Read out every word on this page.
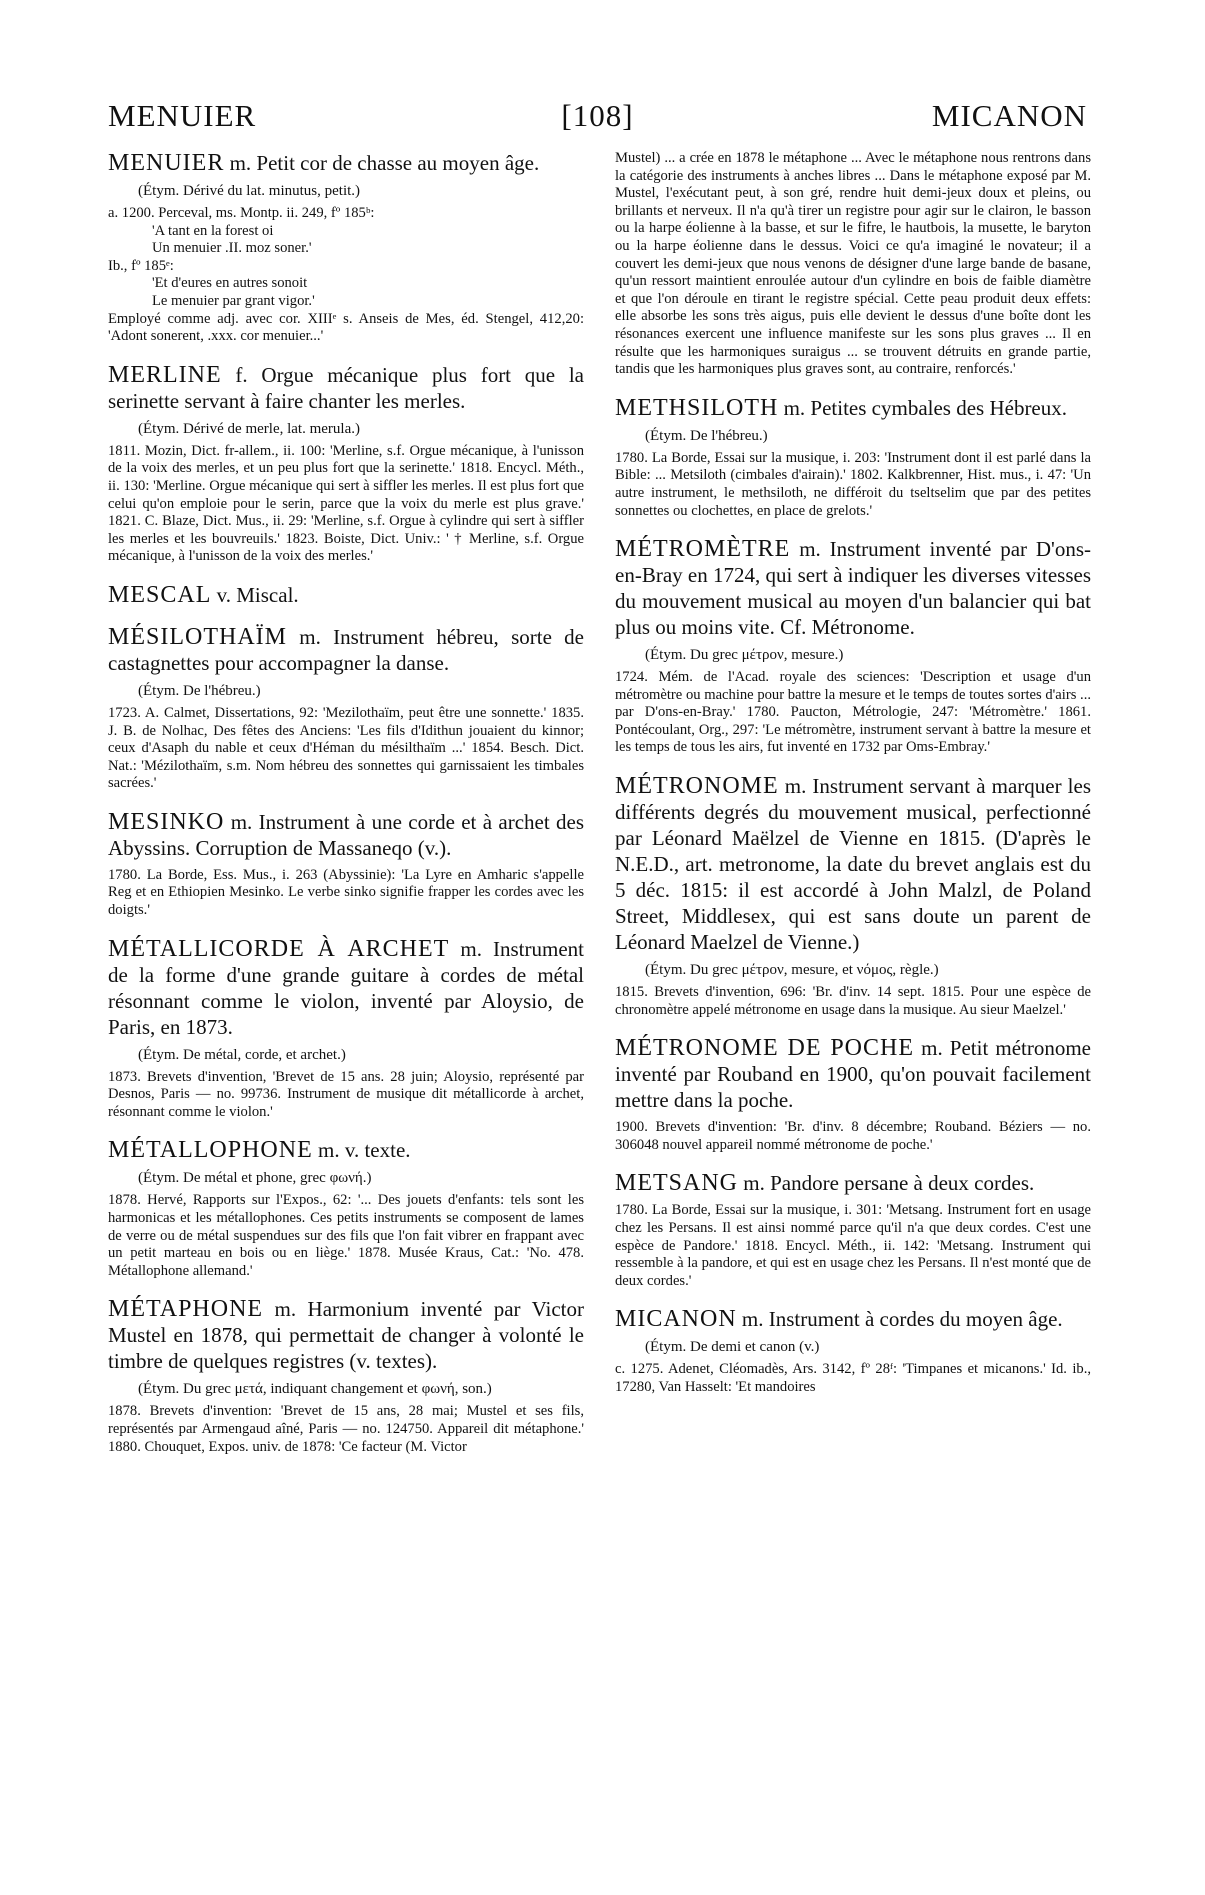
MENUIER	[108]	MICANON

MENUIER m. Petit cor de chasse au moyen âge.

(Étym. Dérivé du lat. minutus, petit.)

a. 1200. Perceval, ms. Montp. ii. 249, fº 185ᵇ:

'A tant en la forest oi

Un menuier .II. moz soner.'

Ib., fº 185ᵉ:

'Et d'eures en autres sonoit

Le menuier par grant vigor.'

Employé comme adj. avec cor. XIIIᵉ s. Anseis de Mes, éd. Stengel, 412,20: 'Adont sonerent, .xxx. cor menuier...'

MERLINE f. Orgue mécanique plus fort que la serinette servant à faire chanter les merles.

(Étym. Dérivé de merle, lat. merula.)

1811. Mozin, Dict. fr-allem., ii. 100: 'Merline, s.f. Orgue mécanique, à l'unisson de la voix des merles, et un peu plus fort que la serinette.' 1818. Encycl. Méth., ii. 130: 'Merline. Orgue mécanique qui sert à siffler les merles. Il est plus fort que celui qu'on emploie pour le serin, parce que la voix du merle est plus grave.' 1821. C. Blaze, Dict. Mus., ii. 29: 'Merline, s.f. Orgue à cylindre qui sert à siffler les merles et les bouvreuils.' 1823. Boiste, Dict. Univ.: ' † Merline, s.f. Orgue mécanique, à l'unisson de la voix des merles.'

MESCAL v. Miscal.

MÉSILOTHAÏM m. Instrument hébreu, sorte de castagnettes pour accompagner la danse.

(Étym. De l'hébreu.)

1723. A. Calmet, Dissertations, 92: 'Mezilothaïm, peut être une sonnette.' 1835. J. B. de Nolhac, Des fêtes des Anciens: 'Les fils d'Idithun jouaient du kinnor; ceux d'Asaph du nable et ceux d'Héman du mésilthaïm ...' 1854. Besch. Dict. Nat.: 'Mézilothaïm, s.m. Nom hébreu des sonnettes qui garnissaient les timbales sacrées.'

MESINKO m. Instrument à une corde et à archet des Abyssins. Corruption de Massaneqo (v.).

1780. La Borde, Ess. Mus., i. 263 (Abyssinie): 'La Lyre en Amharic s'appelle Reg et en Ethiopien Mesinko. Le verbe sinko signifie frapper les cordes avec les doigts.'

MÉTALLICORDE À ARCHET m. Instrument de la forme d'une grande guitare à cordes de métal résonnant comme le violon, inventé par Aloysio, de Paris, en 1873.

(Étym. De métal, corde, et archet.)

1873. Brevets d'invention, 'Brevet de 15 ans. 28 juin; Aloysio, représenté par Desnos, Paris — no. 99736. Instrument de musique dit métallicorde à archet, résonnant comme le violon.'

MÉTALLOPHONE m. v. texte.

(Étym. De métal et phone, grec φωνή.)

1878. Hervé, Rapports sur l'Expos., 62: '... Des jouets d'enfants: tels sont les harmonicas et les métallophones. Ces petits instruments se composent de lames de verre ou de métal suspendues sur des fils que l'on fait vibrer en frappant avec un petit marteau en bois ou en liège.' 1878. Musée Kraus, Cat.: 'No. 478. Métallophone allemand.'

MÉTAPHONE m. Harmonium inventé par Victor Mustel en 1878, qui permettait de changer à volonté le timbre de quelques registres (v. textes).

(Étym. Du grec μετά, indiquant changement et φωνή, son.)

1878. Brevets d'invention: 'Brevet de 15 ans, 28 mai; Mustel et ses fils, représentés par Armengaud aîné, Paris — no. 124750. Appareil dit métaphone.' 1880. Chouquet, Expos. univ. de 1878: 'Ce facteur (M. Victor

Mustel) ... a crée en 1878 le métaphone ... Avec le métaphone nous rentrons dans la catégorie des instruments à anches libres ... Dans le métaphone exposé par M. Mustel, l'exécutant peut, à son gré, rendre huit demi-jeux doux et pleins, ou brillants et nerveux. Il n'a qu'à tirer un registre pour agir sur le clairon, le basson ou la harpe éolienne à la basse, et sur le fifre, le hautbois, la musette, le baryton ou la harpe éolienne dans le dessus. Voici ce qu'a imaginé le novateur; il a couvert les demi-jeux que nous venons de désigner d'une large bande de basane, qu'un ressort maintient enroulée autour d'un cylindre en bois de faible diamètre et que l'on déroule en tirant le registre spécial. Cette peau produit deux effets: elle absorbe les sons très aigus, puis elle devient le dessus d'une boîte dont les résonances exercent une influence manifeste sur les sons plus graves ... Il en résulte que les harmoniques suraigus ... se trouvent détruits en grande partie, tandis que les harmoniques plus graves sont, au contraire, renforcés.'

METHSILOTH m. Petites cymbales des Hébreux.

(Étym. De l'hébreu.)

1780. La Borde, Essai sur la musique, i. 203: 'Instrument dont il est parlé dans la Bible: ... Metsiloth (cimbales d'airain).' 1802. Kalkbrenner, Hist. mus., i. 47: 'Un autre instrument, le methsiloth, ne différoit du tseltselim que par des petites sonnettes ou clochettes, en place de grelots.'

MÉTROMÈTRE m. Instrument inventé par D'ons-en-Bray en 1724, qui sert à indiquer les diverses vitesses du mouvement musical au moyen d'un balancier qui bat plus ou moins vite. Cf. Métronome.

(Étym. Du grec μέτρον, mesure.)

1724. Mém. de l'Acad. royale des sciences: 'Description et usage d'un métromètre ou machine pour battre la mesure et le temps de toutes sortes d'airs ... par D'ons-en-Bray.' 1780. Paucton, Métrologie, 247: 'Métromètre.' 1861. Pontécoulant, Org., 297: 'Le métromètre, instrument servant à battre la mesure et les temps de tous les airs, fut inventé en 1732 par Oms-Embray.'

MÉTRONOME m. Instrument servant à marquer les différents degrés du mouvement musical, perfectionné par Léonard Maëlzel de Vienne en 1815. (D'après le N.E.D., art. metronome, la date du brevet anglais est du 5 déc. 1815: il est accordé à John Malzl, de Poland Street, Middlesex, qui est sans doute un parent de Léonard Maelzel de Vienne.)

(Étym. Du grec μέτρον, mesure, et νόμος, règle.)

1815. Brevets d'invention, 696: 'Br. d'inv. 14 sept. 1815. Pour une espèce de chronomètre appelé métronome en usage dans la musique. Au sieur Maelzel.'

MÉTRONOME DE POCHE m. Petit métronome inventé par Rouband en 1900, qu'on pouvait facilement mettre dans la poche.

1900. Brevets d'invention: 'Br. d'inv. 8 décembre; Rouband. Béziers — no. 306048 nouvel appareil nommé métronome de poche.'

METSANG m. Pandore persane à deux cordes.

1780. La Borde, Essai sur la musique, i. 301: 'Metsang. Instrument fort en usage chez les Persans. Il est ainsi nommé parce qu'il n'a que deux cordes. C'est une espèce de Pandore.' 1818. Encycl. Méth., ii. 142: 'Metsang. Instrument qui ressemble à la pandore, et qui est en usage chez les Persans. Il n'est monté que de deux cordes.'

MICANON m. Instrument à cordes du moyen âge.

(Étym. De demi et canon (v.)

c. 1275. Adenet, Cléomadès, Ars. 3142, fº 28ᶠ: 'Timpanes et micanons.' Id. ib., 17280, Van Hasselt: 'Et mandoires
